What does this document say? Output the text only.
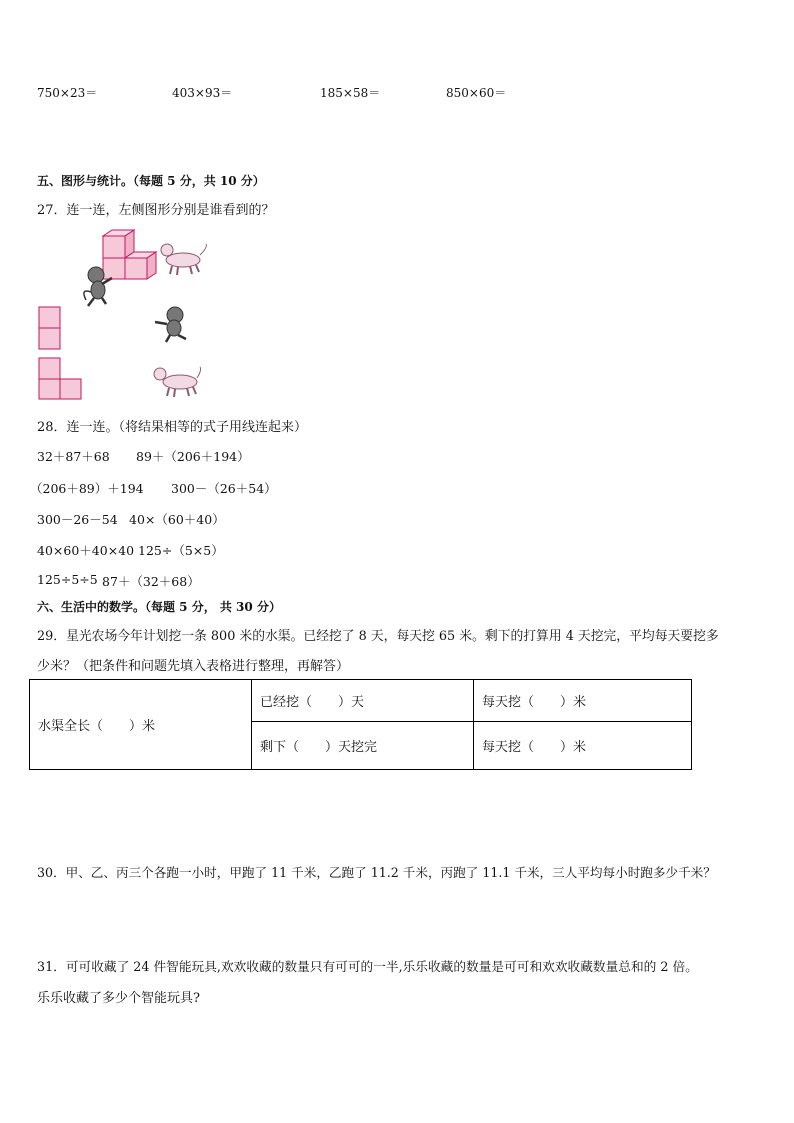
750×23＝	403×93＝	185×58＝	850×60＝
五、图形与统计。（每题 5 分，共 10 分）
27．连一连，左侧图形分别是谁看到的？
28．连一连。（将结果相等的式子用线连起来）
32＋87＋68 89＋（206＋194）
（206＋89）＋194 300－（26＋54）
300－26－54 40×（60＋40）
40×60＋40×40 125÷（5×5）
125÷5÷5 87＋（32＋68）
六、生活中的数学。（每题 5 分， 共 30 分）
29．星光农场今年计划挖一条 800 米的水渠。已经挖了 8 天，每天挖 65 米。剩下的打算用 4 天挖完，平均每天要挖多
少米？（把条件和问题先填入表格进行整理，再解答）
水渠全长（　　）米	已经挖（　　）天	每天挖（　　）米
	剩下（　　）天挖完	每天挖（　　）米
30．甲、乙、丙三个各跑一小时，甲跑了 11 千米，乙跑了 11.2 千米，丙跑了 11.1 千米，三人平均每小时跑多少千米？
31．可可收藏了 24 件智能玩具,欢欢收藏的数量只有可可的一半,乐乐收藏的数量是可可和欢欢收藏数量总和的 2 倍。
乐乐收藏了多少个智能玩具?
